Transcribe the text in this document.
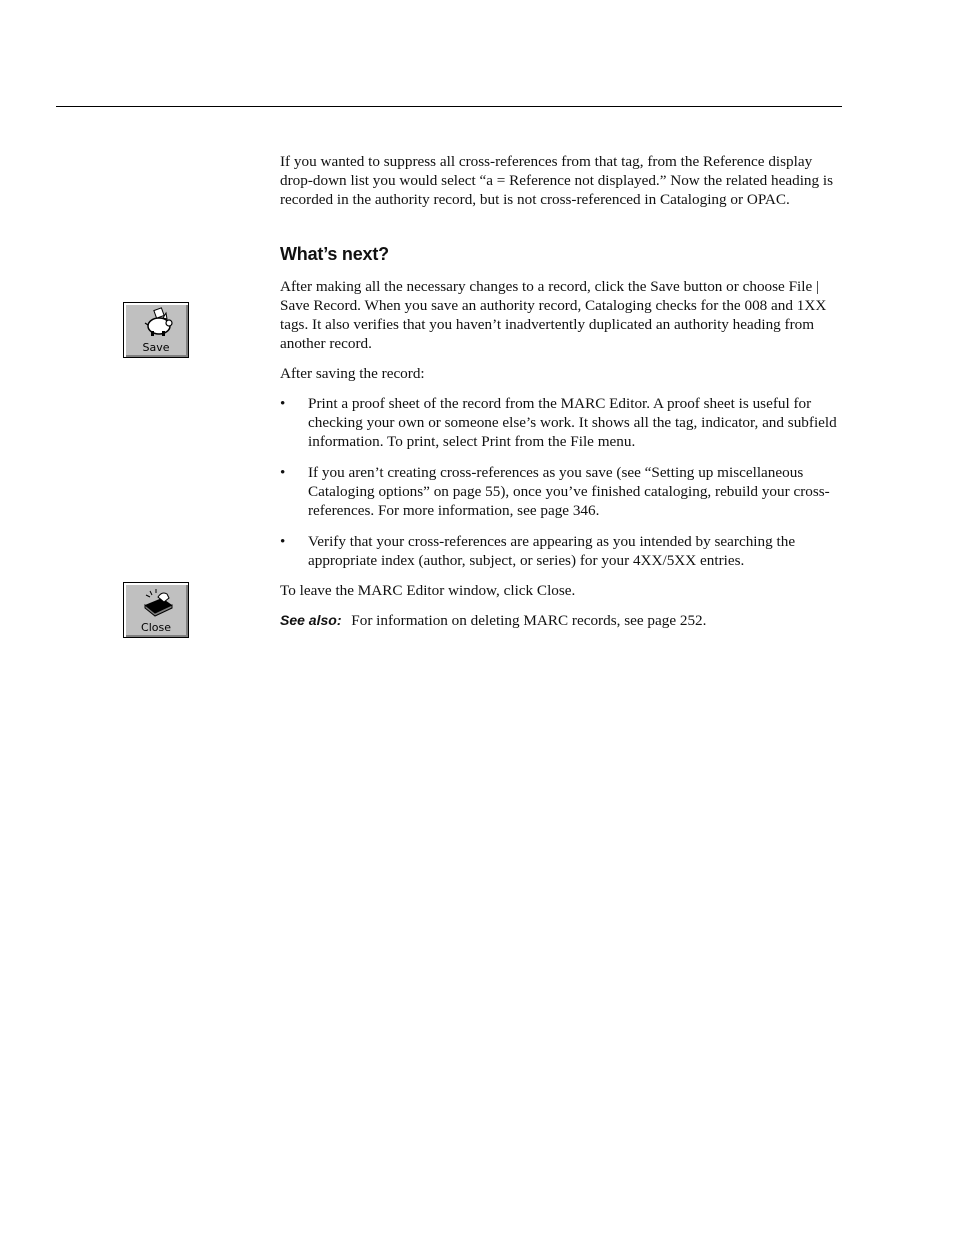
Save
Close

If you wanted to suppress all cross-references from that tag, from the Reference display drop-down list you would select “a = Reference not displayed.” Now the related heading is recorded in the authority record, but is not cross-referenced in Cataloging or OPAC.

What’s next?

After making all the necessary changes to a record, click the Save button or choose File | Save Record. When you save an authority record, Cataloging checks for the 008 and 1XX tags. It also verifies that you haven’t inadvertently duplicated an authority heading from another record.

After saving the record:

• Print a proof sheet of the record from the MARC Editor. A proof sheet is useful for checking your own or someone else’s work. It shows all the tag, indicator, and subfield information. To print, select Print from the File menu.
• If you aren’t creating cross-references as you save (see “Setting up miscellaneous Cataloging options” on page 55), once you’ve finished cataloging, rebuild your cross-references. For more information, see page 346.
• Verify that your cross-references are appearing as you intended by searching the appropriate index (author, subject, or series) for your 4XX/5XX entries.

To leave the MARC Editor window, click Close.

See also: For information on deleting MARC records, see page 252.
